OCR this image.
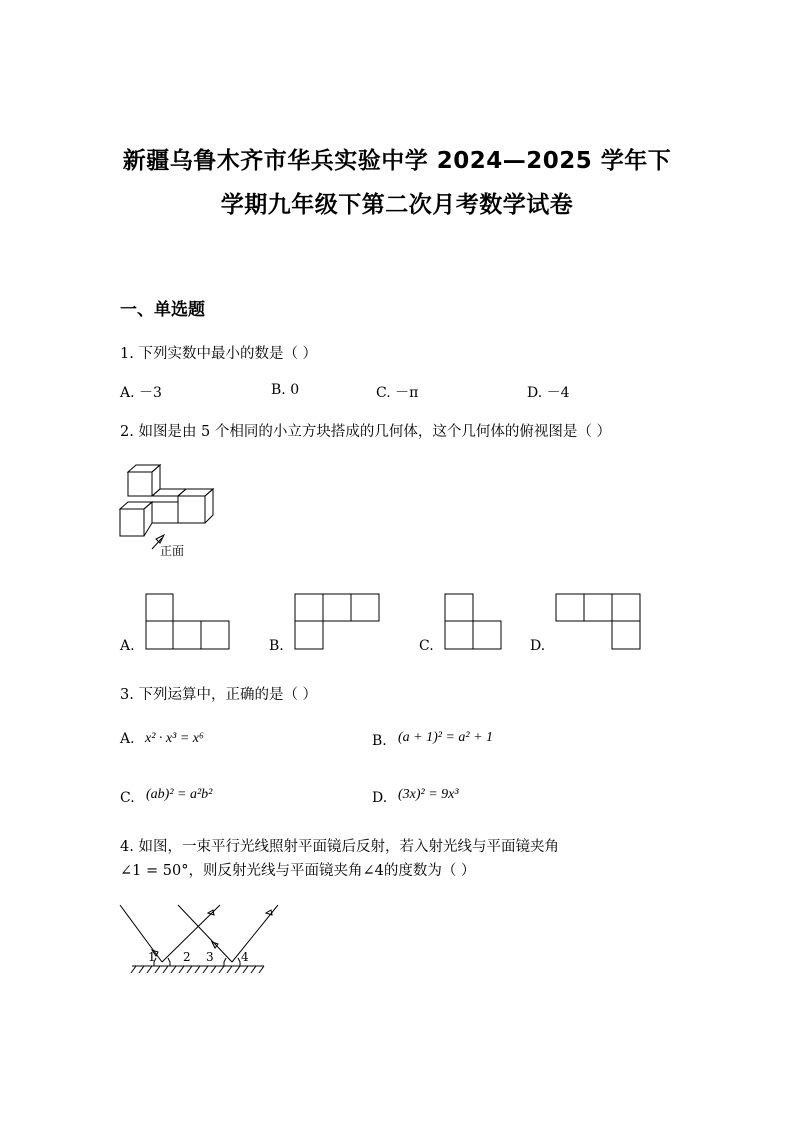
新疆乌鲁木齐市华兵实验中学 2024—2025 学年下
学期九年级下第二次月考数学试卷
一、单选题
1. 下列实数中最小的数是（ ）
A. －3	B. 0	C. －π	D. －4
2. 如图是由 5 个相同的小立方块搭成的几何体，这个几何体的俯视图是（ ）
正面
A.	B.	C.	D.
3. 下列运算中，正确的是（ ）
A. x² · x³ = x⁶	B. (a + 1)² = a² + 1
C. (ab)² = a²b²	D. (3x)² = 9x³
4. 如图，一束平行光线照射平面镜后反射，若入射光线与平面镜夹角
∠1 = 50°，则反射光线与平面镜夹角∠4的度数为（ ）
1 2 3 4
